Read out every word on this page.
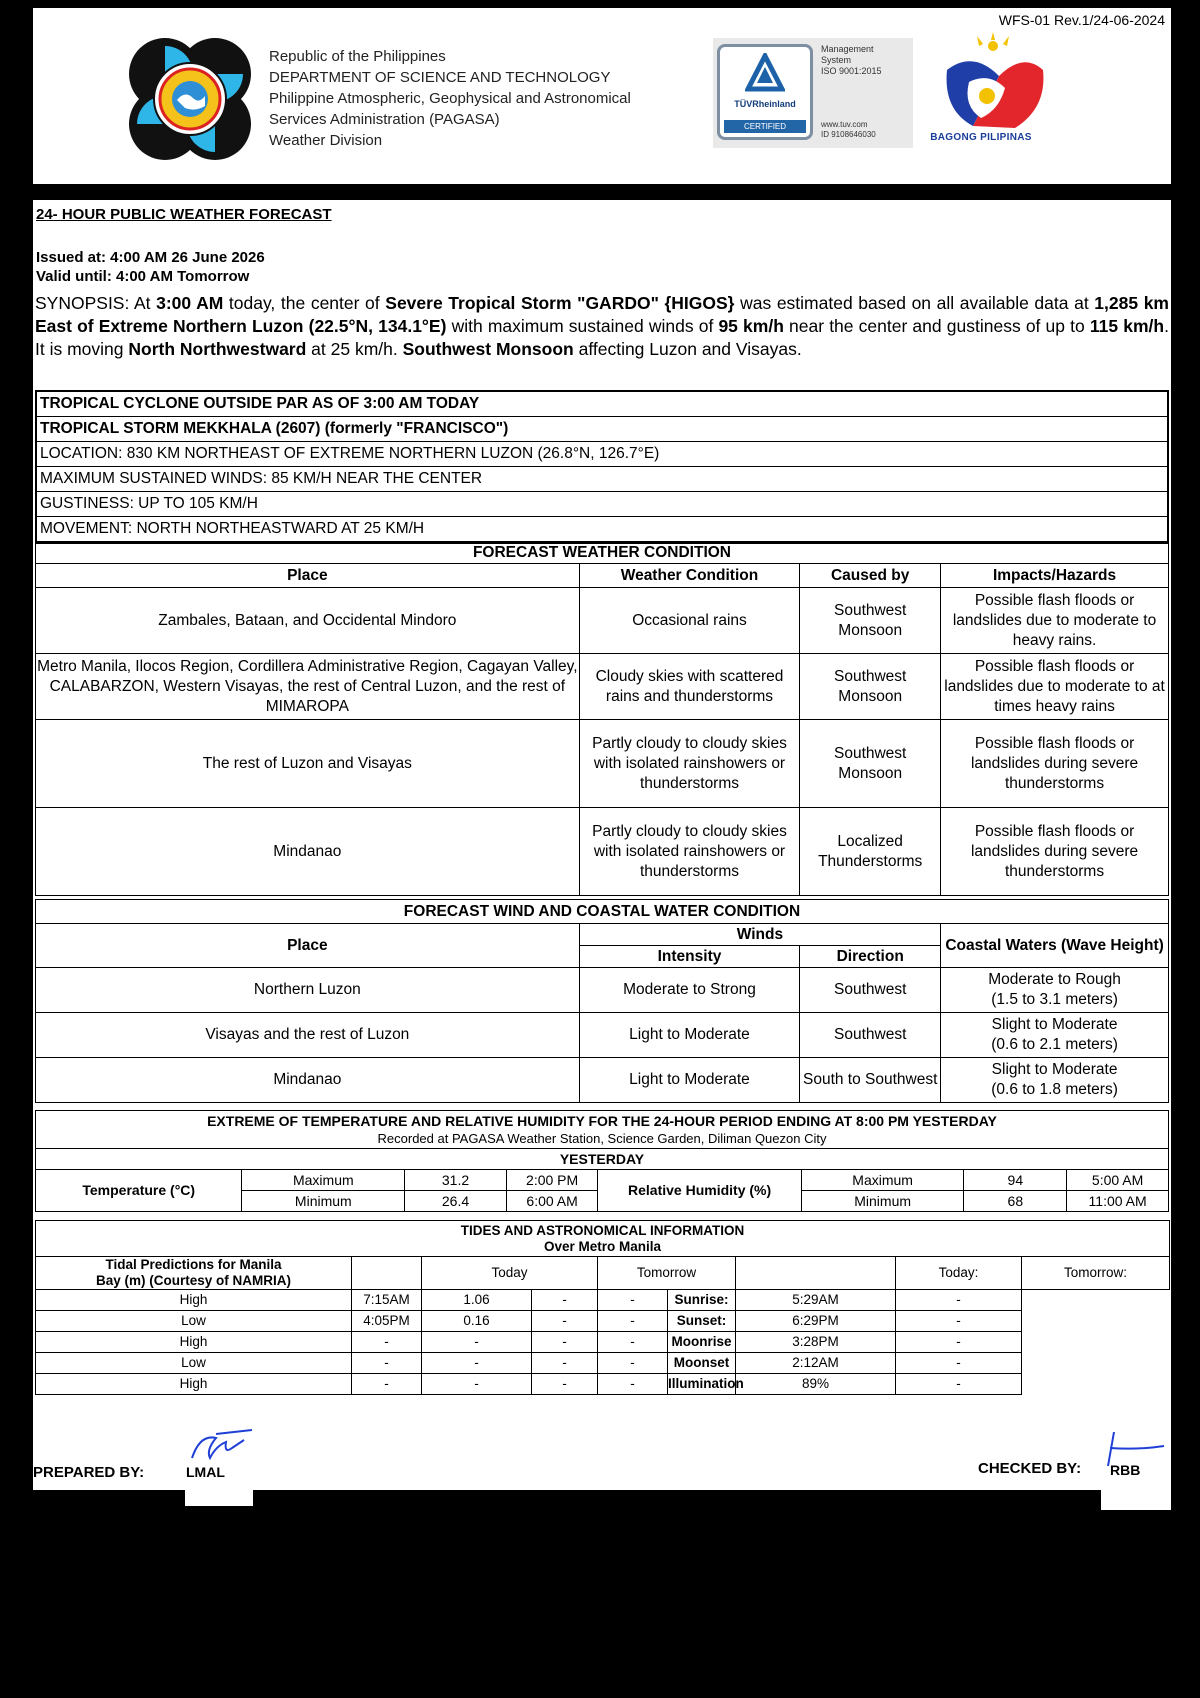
WFS-01 Rev.1/24-06-2024
Republic of the Philippines
DEPARTMENT OF SCIENCE AND TECHNOLOGY
Philippine Atmospheric, Geophysical and Astronomical
Services Administration (PAGASA)
Weather Division
TÜVRheinland
CERTIFIED
Management
System
ISO 9001:2015
www.tuv.com
ID 9108646030	BAGONG PILIPINAS
24- HOUR PUBLIC WEATHER FORECAST
Issued at: 4:00 AM 26 June 2026
Valid until: 4:00 AM Tomorrow
SYNOPSIS: At 3:00 AM today, the center of Severe Tropical Storm "GARDO" {HIGOS} was estimated based on all available data at 1,285 km East of Extreme Northern Luzon (22.5°N, 134.1°E) with maximum sustained winds of 95 km/h near the center and gustiness of up to 115 km/h. It is moving North Northwestward at 25 km/h. Southwest Monsoon affecting Luzon and Visayas.
TROPICAL CYCLONE OUTSIDE PAR AS OF 3:00 AM TODAY
TROPICAL STORM MEKKHALA (2607) (formerly "FRANCISCO")
LOCATION: 830 KM NORTHEAST OF EXTREME NORTHERN LUZON (26.8°N, 126.7°E)
MAXIMUM SUSTAINED WINDS: 85 KM/H NEAR THE CENTER
GUSTINESS: UP TO 105 KM/H
MOVEMENT: NORTH NORTHEASTWARD AT 25 KM/H
FORECAST WEATHER CONDITION			
Place	Weather Condition	Caused by	Impacts/Hazards
Zambales, Bataan, and Occidental Mindoro	Occasional rains	Southwest Monsoon	Possible flash floods or landslides due to moderate to heavy rains.
Metro Manila, Ilocos Region, Cordillera Administrative Region, Cagayan Valley, CALABARZON, Western Visayas, the rest of Central Luzon, and the rest of MIMAROPA	Cloudy skies with scattered rains and thunderstorms	Southwest Monsoon	Possible flash floods or landslides due to moderate to at times heavy rains
The rest of Luzon and Visayas	Partly cloudy to cloudy skies with isolated rainshowers or thunderstorms	Southwest Monsoon	Possible flash floods or landslides during severe thunderstorms
Mindanao	Partly cloudy to cloudy skies with isolated rainshowers or thunderstorms	Localized Thunderstorms	Possible flash floods or landslides during severe thunderstorms
FORECAST WIND AND COASTAL WATER CONDITION			
Place	Winds		Coastal Waters (Wave Height)
	Intensity	Direction	
Northern Luzon	Moderate to Strong	Southwest	Moderate to Rough
(1.5 to 3.1 meters)

Visayas and the rest of Luzon	Light to Moderate	Southwest	Slight to Moderate
(0.6 to 2.1 meters)

Mindanao	Light to Moderate	South to Southwest	Slight to Moderate
(0.6 to 1.8 meters)
EXTREME OF TEMPERATURE AND RELATIVE HUMIDITY FOR THE 24-HOUR PERIOD ENDING AT 8:00 PM YESTERDAY
Recorded at PAGASA Weather Station, Science Garden, Diliman Quezon City							

YESTERDAY							
Temperature (°C)	Maximum	31.2	2:00 PM	Relative Humidity (%)	Maximum	94	5:00 AM
	Minimum	26.4	6:00 AM		Minimum	68	11:00 AM
TIDES AND ASTRONOMICAL INFORMATION
Over Metro Manila								

Tidal Predictions for Manila Bay (m) (Courtesy of NAMRIA)		Today		Tomorrow			Today:	Tomorrow:
High	7:15AM	1.06	-	-	Sunrise:	5:29AM	-	
Low	4:05PM	0.16	-	-	Sunset:	6:29PM	-	
High	-	-	-	-	Moonrise	3:28PM	-	
Low	-	-	-	-	Moonset	2:12AM	-	
High	-	-	-	-	Illumination	89%	-	
PREPARED BY:	LMAL	CHECKED BY: RBB
